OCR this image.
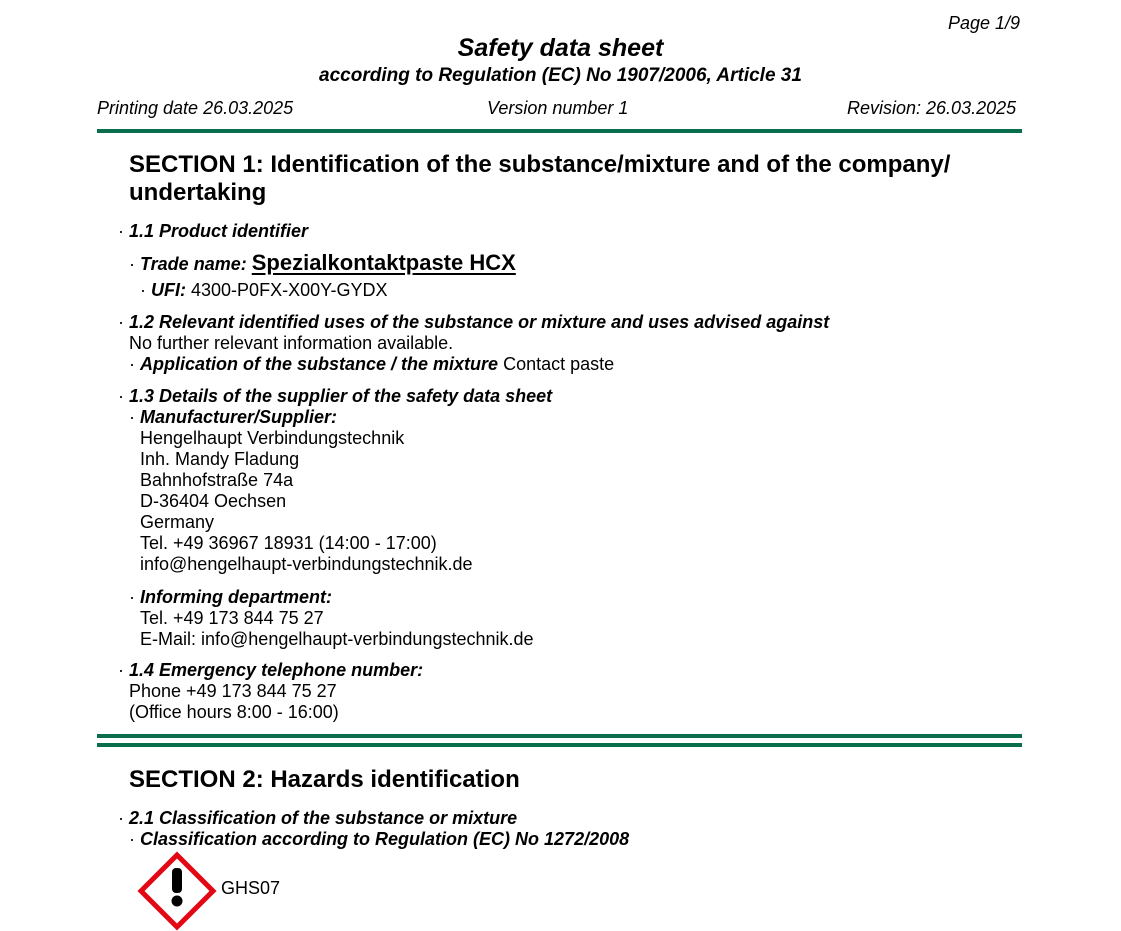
Page 1/9
Safety data sheet
according to Regulation (EC) No 1907/2006, Article 31
Printing date 26.03.2025	Version number 1	Revision: 26.03.2025
SECTION 1: Identification of the substance/mixture and of the company/
undertaking
· 1.1 Product identifier
· Trade name: Spezialkontaktpaste HCX
· UFI: 4300-P0FX-X00Y-GYDX
· 1.2 Relevant identified uses of the substance or mixture and uses advised against
No further relevant information available.
· Application of the substance / the mixture Contact paste
· 1.3 Details of the supplier of the safety data sheet
· Manufacturer/Supplier:
Hengelhaupt Verbindungstechnik
Inh. Mandy Fladung
Bahnhofstraße 74a
D-36404 Oechsen
Germany
Tel. +49 36967 18931 (14:00 - 17:00)
info@hengelhaupt-verbindungstechnik.de
· Informing department:
Tel. +49 173 844 75 27
E-Mail: info@hengelhaupt-verbindungstechnik.de
· 1.4 Emergency telephone number:
Phone +49 173 844 75 27
(Office hours 8:00 - 16:00)
SECTION 2: Hazards identification
· 2.1 Classification of the substance or mixture
· Classification according to Regulation (EC) No 1272/2008
GHS07
